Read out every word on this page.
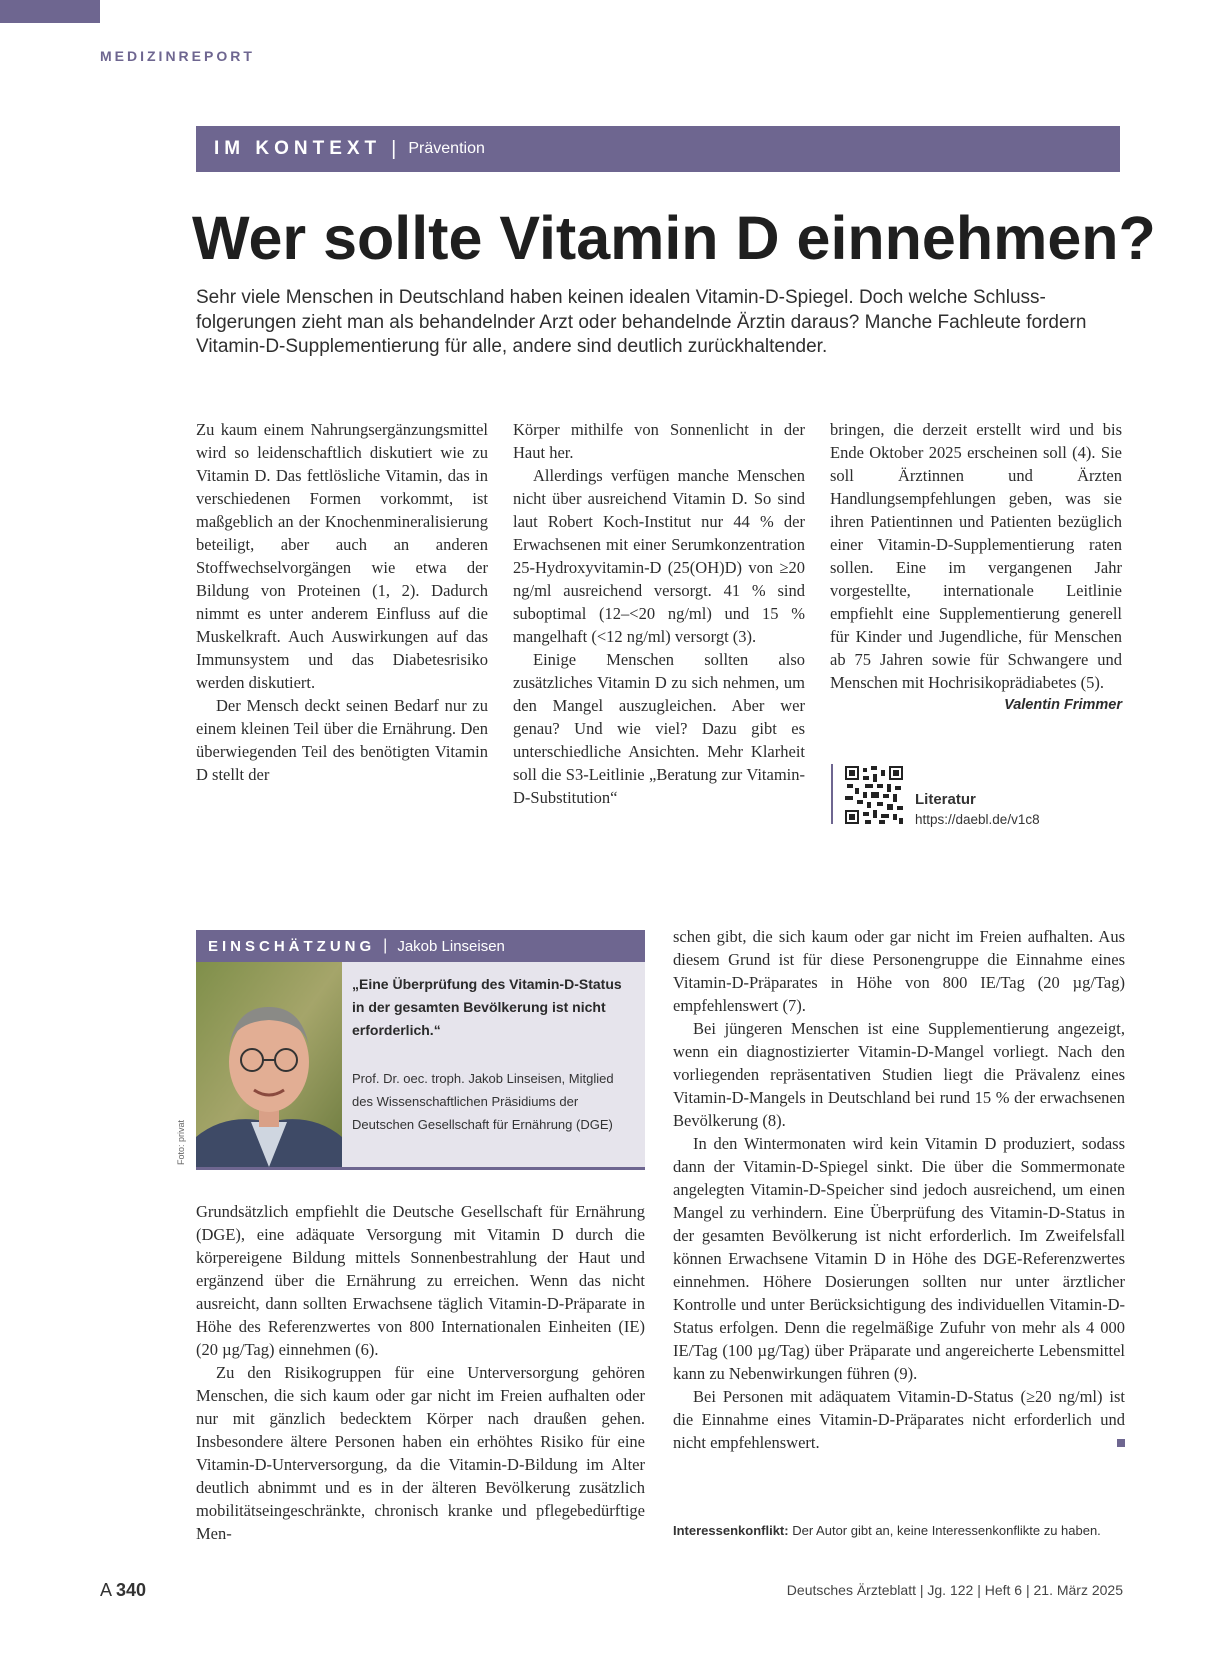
MEDIZINREPORT
IM KONTEXT | Prävention
Wer sollte Vitamin D einnehmen?
Sehr viele Menschen in Deutschland haben keinen idealen Vitamin-D-Spiegel. Doch welche Schlussfolgerungen zieht man als behandelnder Arzt oder behandelnde Ärztin daraus? Manche Fachleute fordern Vitamin-D-Supplementierung für alle, andere sind deutlich zurückhaltender.

Zu kaum einem Nahrungsergänzungsmittel wird so leidenschaftlich diskutiert wie zu Vitamin D. Das fettlösliche Vitamin, das in verschiedenen Formen vorkommt, ist maßgeblich an der Knochenmineralisierung beteiligt, aber auch an anderen Stoffwechselvorgängen wie etwa der Bildung von Proteinen (1, 2). Dadurch nimmt es unter anderem Einfluss auf die Muskelkraft. Auch Auswirkungen auf das Immunsystem und das Diabetesrisiko werden diskutiert.

Der Mensch deckt seinen Bedarf nur zu einem kleinen Teil über die Ernährung. Den überwiegenden Teil des benötigten Vitamin D stellt der

Körper mithilfe von Sonnenlicht in der Haut her.

Allerdings verfügen manche Menschen nicht über ausreichend Vitamin D. So sind laut Robert Koch-Institut nur 44 % der Erwachsenen mit einer Serumkonzentration 25-Hydroxyvitamin-D (25(OH)D) von ≥20 ng/ml ausreichend versorgt. 41 % sind suboptimal (12–<20 ng/ml) und 15 % mangelhaft (<12 ng/ml) versorgt (3).

Einige Menschen sollten also zusätzliches Vitamin D zu sich nehmen, um den Mangel auszugleichen. Aber wer genau? Und wie viel? Dazu gibt es unterschiedliche Ansichten. Mehr Klarheit soll die S3-Leitlinie „Beratung zur Vitamin-D-Substitution“

bringen, die derzeit erstellt wird und bis Ende Oktober 2025 erscheinen soll (4). Sie soll Ärztinnen und Ärzten Handlungsempfehlungen geben, was sie ihren Patientinnen und Patienten bezüglich einer Vitamin-D-Supplementierung raten sollen. Eine im vergangenen Jahr vorgestellte, internationale Leitlinie empfiehlt eine Supplementierung generell für Kinder und Jugendliche, für Menschen ab 75 Jahren sowie für Schwangere und Menschen mit Hochrisikoprädiabetes (5).

Valentin Frimmer

Literatur
https://daebl.de/v1c8
EINSCHÄTZUNG | Jakob Linseisen
Foto: privat
„Eine Überprüfung des Vitamin-D-Status in der gesamten Bevölkerung ist nicht erforderlich.“
Prof. Dr. oec. troph. Jakob Linseisen, Mitglied des Wissenschaftlichen Präsidiums der Deutschen Gesellschaft für Ernährung (DGE)

Grundsätzlich empfiehlt die Deutsche Gesellschaft für Ernährung (DGE), eine adäquate Versorgung mit Vitamin D durch die körpereigene Bildung mittels Sonnenbestrahlung der Haut und ergänzend über die Ernährung zu erreichen. Wenn das nicht ausreicht, dann sollten Erwachsene täglich Vitamin-D-Präparate in Höhe des Referenzwertes von 800 Internationalen Einheiten (IE) (20 µg/Tag) einnehmen (6).

Zu den Risikogruppen für eine Unterversorgung gehören Menschen, die sich kaum oder gar nicht im Freien aufhalten oder nur mit gänzlich bedecktem Körper nach draußen gehen. Insbesondere ältere Personen haben ein erhöhtes Risiko für eine Vitamin-D-Unterversorgung, da die Vitamin-D-Bildung im Alter deutlich abnimmt und es in der älteren Bevölkerung zusätzlich mobilitätseingeschränkte, chronisch kranke und pflegebedürftige Men-

schen gibt, die sich kaum oder gar nicht im Freien aufhalten. Aus diesem Grund ist für diese Personengruppe die Einnahme eines Vitamin-D-Präparates in Höhe von 800 IE/Tag (20 µg/Tag) empfehlenswert (7).

Bei jüngeren Menschen ist eine Supplementierung angezeigt, wenn ein diagnostizierter Vitamin-D-Mangel vorliegt. Nach den vorliegenden repräsentativen Studien liegt die Prävalenz eines Vitamin-D-Mangels in Deutschland bei rund 15 % der erwachsenen Bevölkerung (8).

In den Wintermonaten wird kein Vitamin D produziert, sodass dann der Vitamin-D-Spiegel sinkt. Die über die Sommermonate angelegten Vitamin-D-Speicher sind jedoch ausreichend, um einen Mangel zu verhindern. Eine Überprüfung des Vitamin-D-Status in der gesamten Bevölkerung ist nicht erforderlich. Im Zweifelsfall können Erwachsene Vitamin D in Höhe des DGE-Referenzwertes einnehmen. Höhere Dosierungen sollten nur unter ärztlicher Kontrolle und unter Berücksichtigung des individuellen Vitamin-D-Status erfolgen. Denn die regelmäßige Zufuhr von mehr als 4 000 IE/Tag (100 µg/Tag) über Präparate und angereicherte Lebensmittel kann zu Nebenwirkungen führen (9).

Bei Personen mit adäquatem Vitamin-D-Status (≥20 ng/ml) ist die Einnahme eines Vitamin-D-Präparates nicht erforderlich und nicht empfehlenswert.

Interessenkonflikt: Der Autor gibt an, keine Interessenkonflikte zu haben.
A 340	Deutsches Ärzteblatt | Jg. 122 | Heft 6 | 21. März 2025
